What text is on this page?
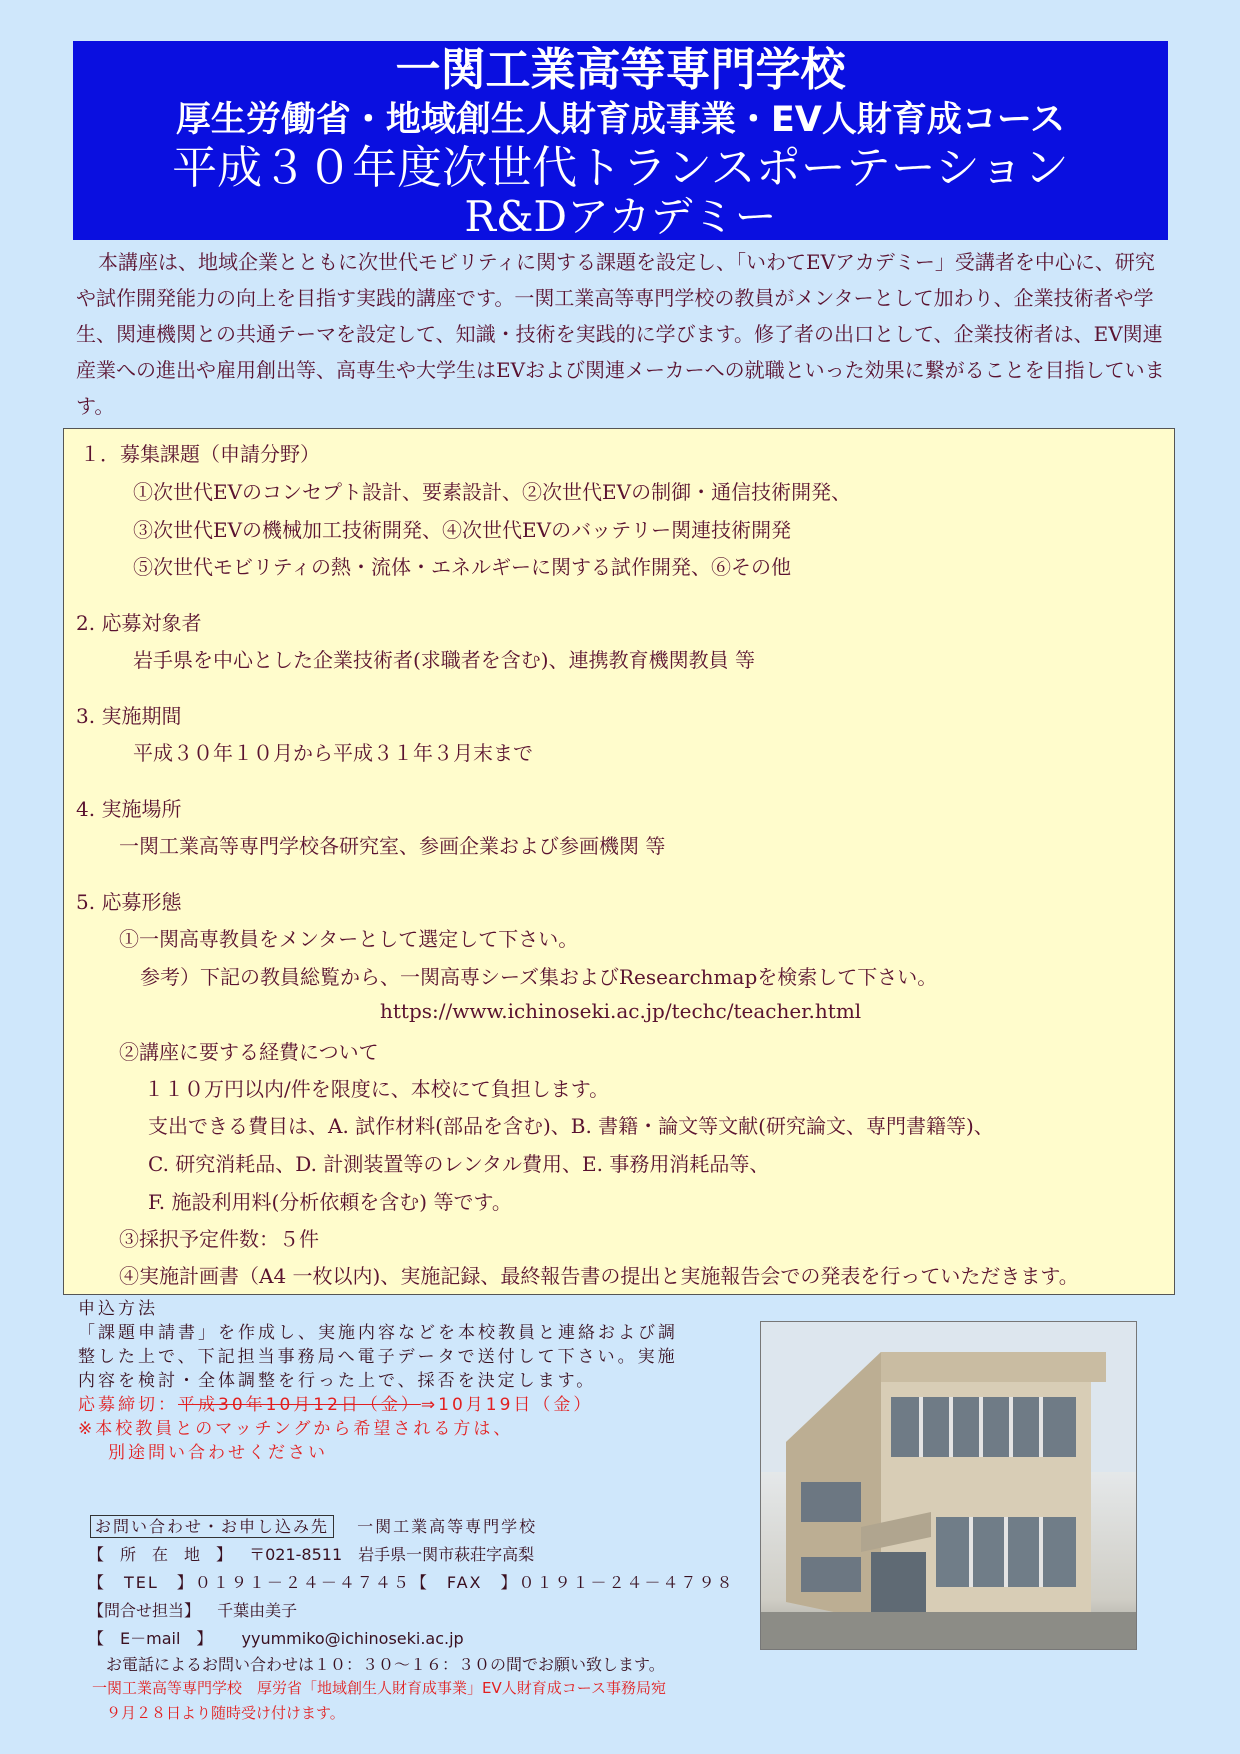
一関工業高等専門学校
厚生労働省・地域創生人財育成事業・EV人財育成コース
平成３０年度次世代トランスポーテーション
R&Dアカデミー
本講座は、地域企業とともに次世代モビリティに関する課題を設定し、「いわてEVアカデミー」受講者を中心に、研究や試作開発能力の向上を目指す実践的講座です。一関工業高等専門学校の教員がメンターとして加わり、企業技術者や学生、関連機関との共通テーマを設定して、知識・技術を実践的に学びます。修了者の出口として、企業技術者は、EV関連産業への進出や雇用創出等、高専生や大学生はEVおよび関連メーカーへの就職といった効果に繋がることを目指しています。
１．募集課題（申請分野）
①次世代EVのコンセプト設計、要素設計、②次世代EVの制御・通信技術開発、
③次世代EVの機械加工技術開発、④次世代EVのバッテリー関連技術開発
⑤次世代モビリティの熱・流体・エネルギーに関する試作開発、⑥その他
2. 応募対象者
岩手県を中心とした企業技術者(求職者を含む)、連携教育機関教員 等
3. 実施期間
平成３０年１０月から平成３１年３月末まで
4. 実施場所
一関工業高等専門学校各研究室、参画企業および参画機関 等
5. 応募形態
①一関高専教員をメンターとして選定して下さい。
参考）下記の教員総覧から、一関高専シーズ集およびResearchmapを検索して下さい。
https://www.ichinoseki.ac.jp/techc/teacher.html
②講座に要する経費について
１１０万円以内/件を限度に、本校にて負担します。
支出できる費目は、A. 試作材料(部品を含む)、B. 書籍・論文等文献(研究論文、専門書籍等)、
C. 研究消耗品、D. 計測装置等のレンタル費用、E. 事務用消耗品等、
F. 施設利用料(分析依頼を含む) 等です。
③採択予定件数：５件
④実施計画書（A4 一枚以内)、実施記録、最終報告書の提出と実施報告会での発表を行っていただきます。
申込方法
「課題申請書」を作成し、実施内容などを本校教員と連絡および調整した上で、下記担当事務局へ電子データで送付して下さい。実施内容を検討・全体調整を行った上で、採否を決定します。
応募締切：平成30年10月12日（金）⇒10月19日（金）
※本校教員とのマッチングから希望される方は、
別途問い合わせください
お問い合わせ・お申し込み先 一関工業高等専門学校
【　所　在　地　】 〒021-8511　岩手県一関市萩荘字高梨
【　TEL　】０１９１－２４－４７４５【　FAX　】０１９１－２４－４７９８
【問合せ担当】 千葉由美子
【　E－mail　】 yyummiko@ichinoseki.ac.jp
お電話によるお問い合わせは１０：３０～１６：３０の間でお願い致します。
一関工業高等専門学校　厚労省「地域創生人財育成事業」EV人財育成コース事務局宛
９月２８日より随時受け付けます。
